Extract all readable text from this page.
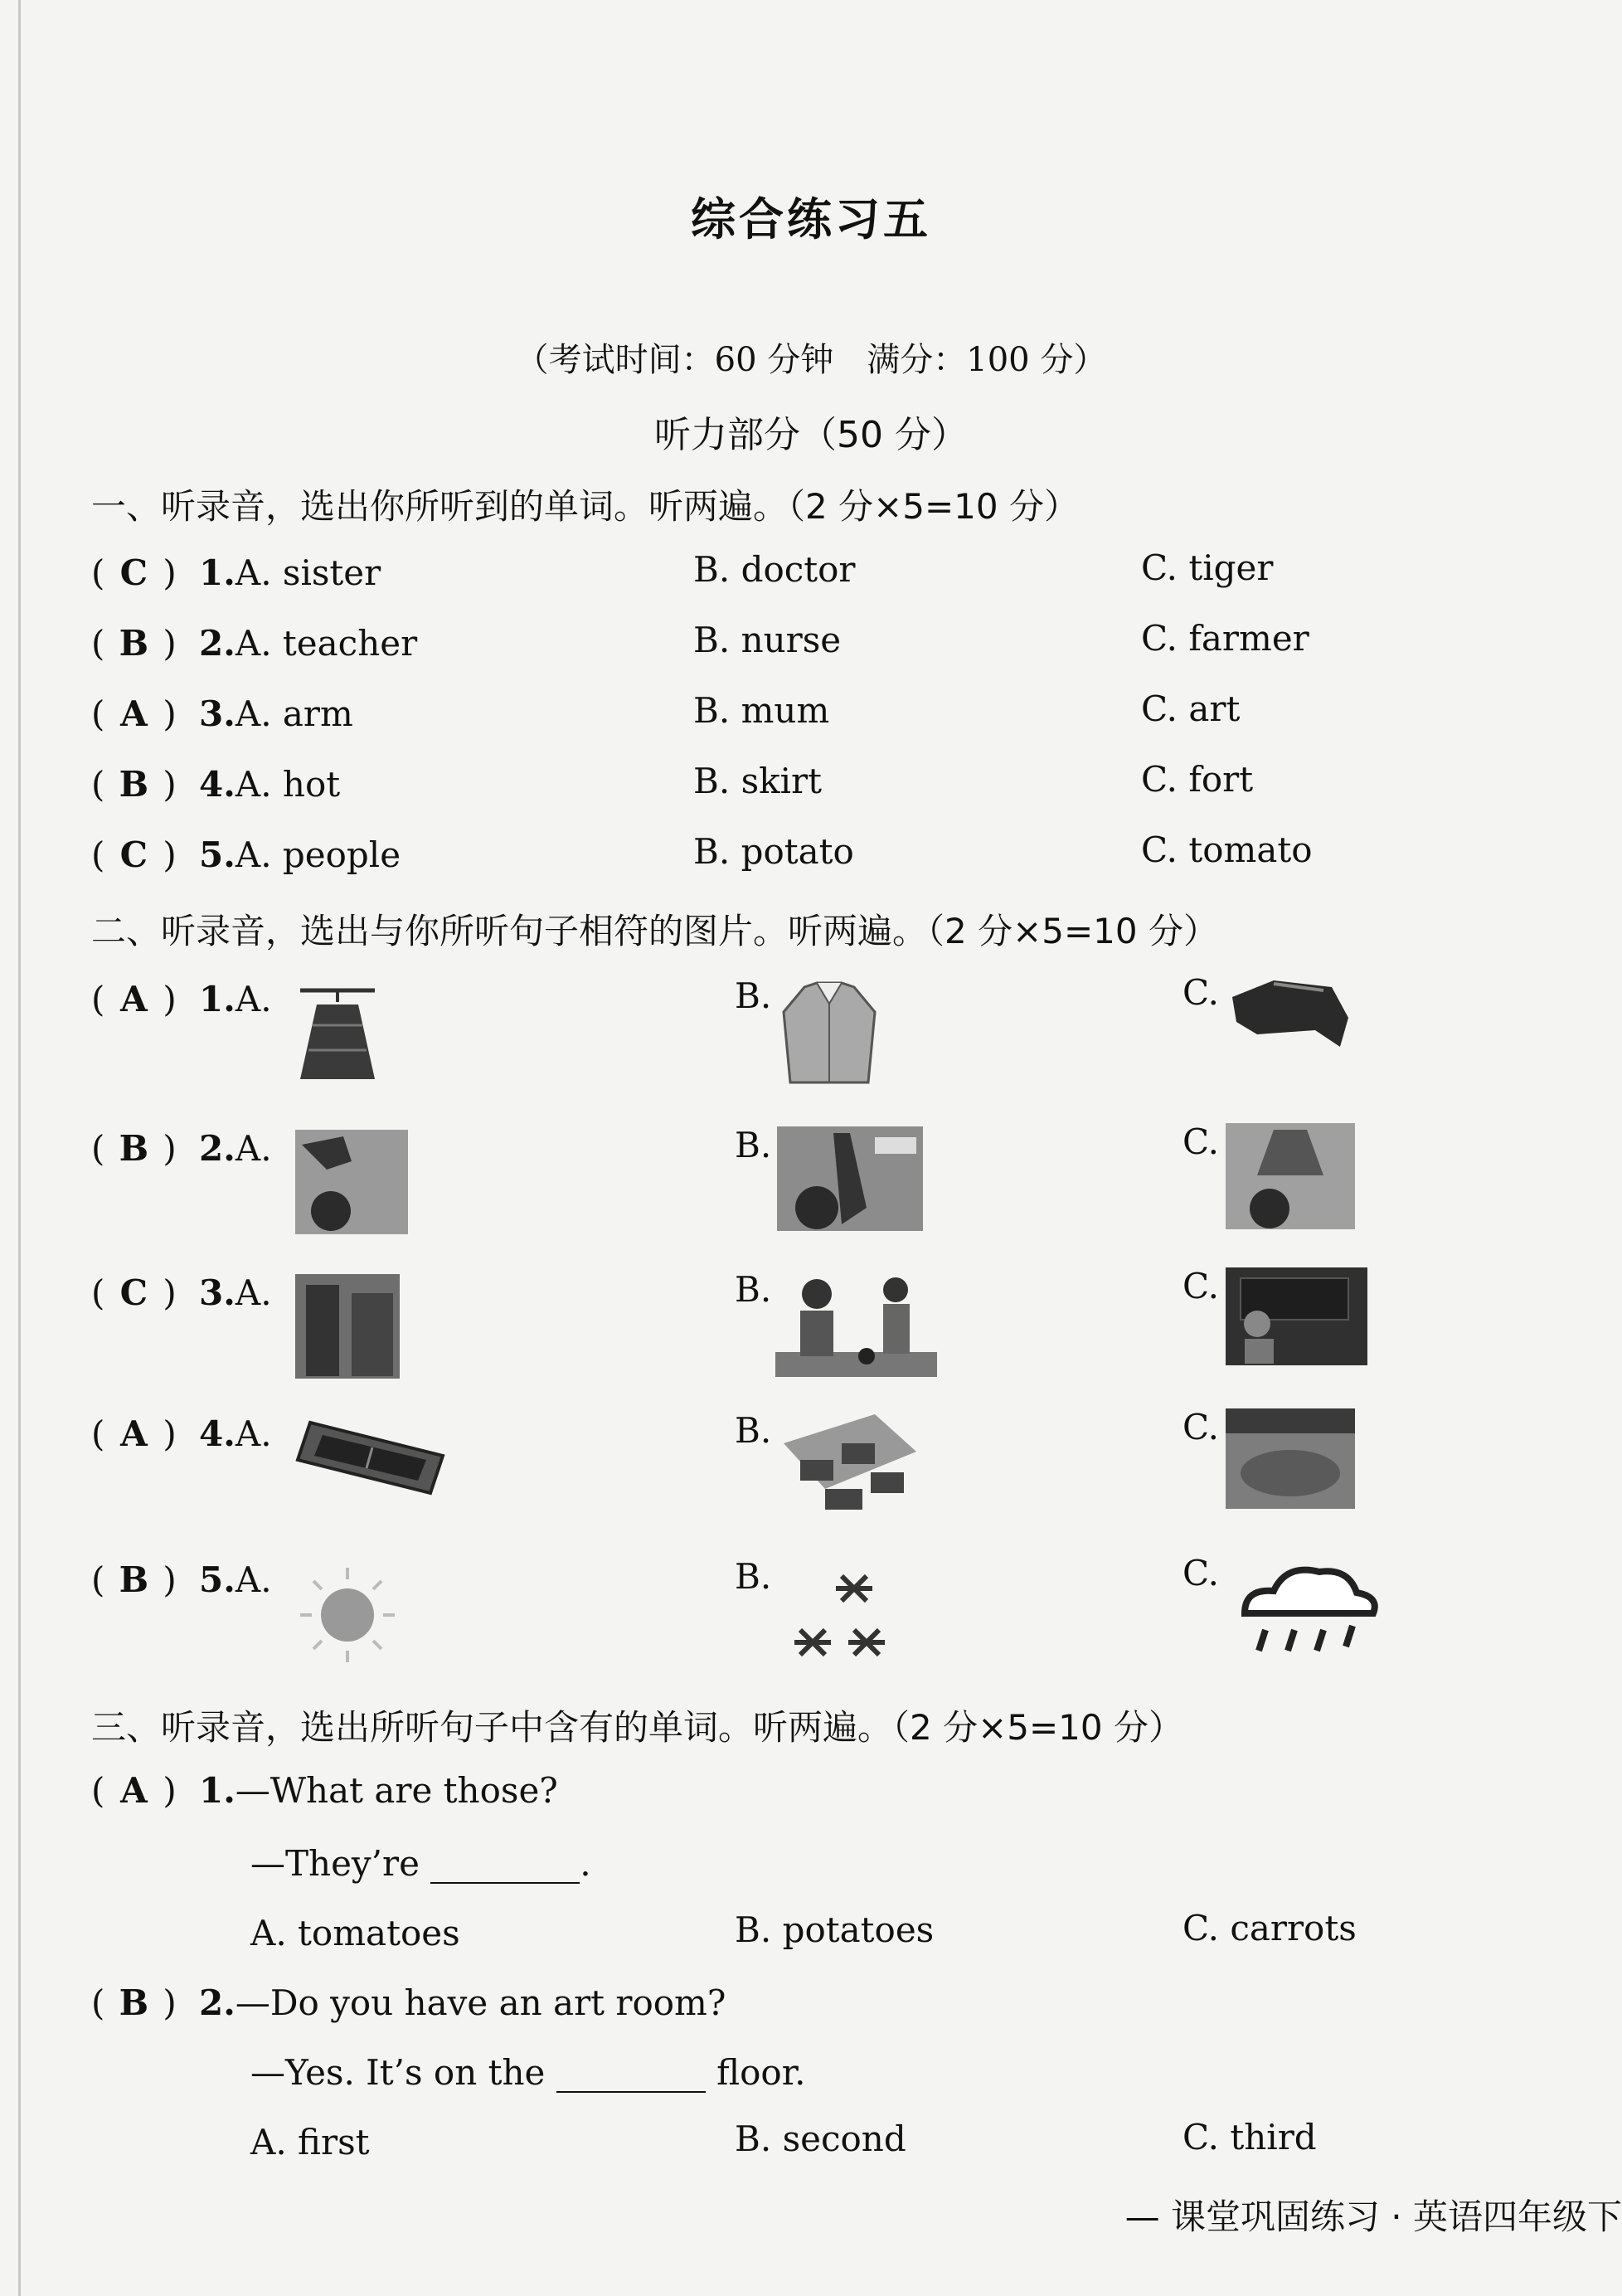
综合练习五
（考试时间：60 分钟　满分：100 分）
听力部分（50 分）
一、听录音，选出你所听到的单词。听两遍。（2 分×5=10 分）
( C ) 1.A. sister	B. doctor	C. tiger
( B ) 2.A. teacher	B. nurse	C. farmer
( A ) 3.A. arm	B. mum	C. art
( B ) 4.A. hot	B. skirt	C. fort
( C ) 5.A. people	B. potato	C. tomato
二、听录音，选出与你所听句子相符的图片。听两遍。（2 分×5=10 分）
( A ) 1.A.	B.	C.
( B ) 2.A.	B.	C.
( C ) 3.A.	B.	C.
( A ) 4.A.	B.	C.
( B ) 5.A.	B.	C.
三、听录音，选出所听句子中含有的单词。听两遍。（2 分×5=10 分）
( A ) 1.—What are those?
—They’re	.
A. tomatoes	B. potatoes	C. carrots
( B ) 2.—Do you have an art room?
—Yes. It’s on the	floor.
A. first	B. second	C. third
— 课堂巩固练习 · 英语四年级下
